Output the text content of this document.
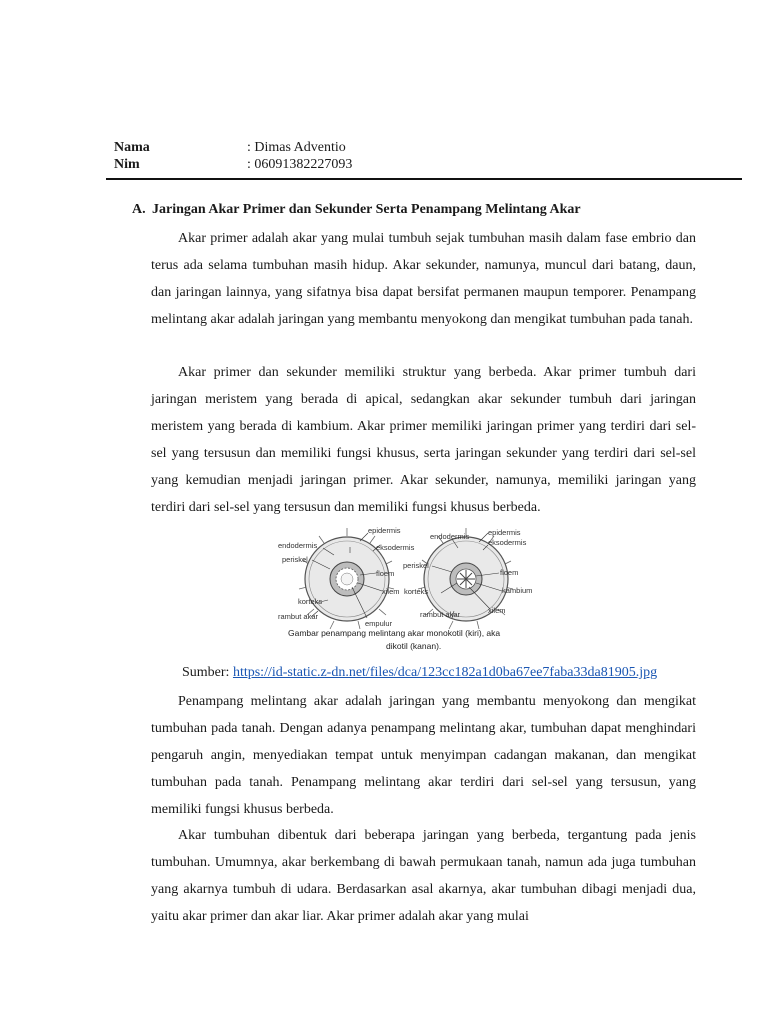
Nama	: Dimas Adventio
Nim	: 06091382227093
A. Jaringan Akar Primer dan Sekunder Serta Penampang Melintang Akar

Akar primer adalah akar yang mulai tumbuh sejak tumbuhan masih dalam fase embrio dan terus ada selama tumbuhan masih hidup. Akar sekunder, namunya, muncul dari batang, daun, dan jaringan lainnya, yang sifatnya bisa dapat bersifat permanen maupun temporer. Penampang melintang akar adalah jaringan yang membantu menyokong dan mengikat tumbuhan pada tanah.

Akar primer dan sekunder memiliki struktur yang berbeda. Akar primer tumbuh dari jaringan meristem yang berada di apical, sedangkan akar sekunder tumbuh dari jaringan meristem yang berada di kambium. Akar primer memiliki jaringan primer yang terdiri dari sel-sel yang tersusun dan memiliki fungsi khusus, serta jaringan sekunder yang terdiri dari sel-sel yang kemudian menjadi jaringan primer. Akar sekunder, namunya, memiliki jaringan yang terdiri dari sel-sel yang tersusun dan memiliki fungsi khusus berbeda.

epidermis
endodermis	eksodermis
periskel
floem
xilem
korteks
rambut akar
empulur
epidermis
eksodermis
endodermis
periskel
floem
korteks	kambium
xilem
rambut akar
Gambar penampang melintang akar monokotil (kiri), aka
dikotil (kanan).
Sumber: https://id-static.z-dn.net/files/dca/123cc182a1d0ba67ee7faba33da81905.jpg

Penampang melintang akar adalah jaringan yang membantu menyokong dan mengikat tumbuhan pada tanah. Dengan adanya penampang melintang akar, tumbuhan dapat menghindari pengaruh angin, menyediakan tempat untuk menyimpan cadangan makanan, dan mengikat tumbuhan pada tanah. Penampang melintang akar terdiri dari sel-sel yang tersusun, yang memiliki fungsi khusus berbeda.

Akar tumbuhan dibentuk dari beberapa jaringan yang berbeda, tergantung pada jenis tumbuhan. Umumnya, akar berkembang di bawah permukaan tanah, namun ada juga tumbuhan yang akarnya tumbuh di udara. Berdasarkan asal akarnya, akar tumbuhan dibagi menjadi dua, yaitu akar primer dan akar liar. Akar primer adalah akar yang mulai
